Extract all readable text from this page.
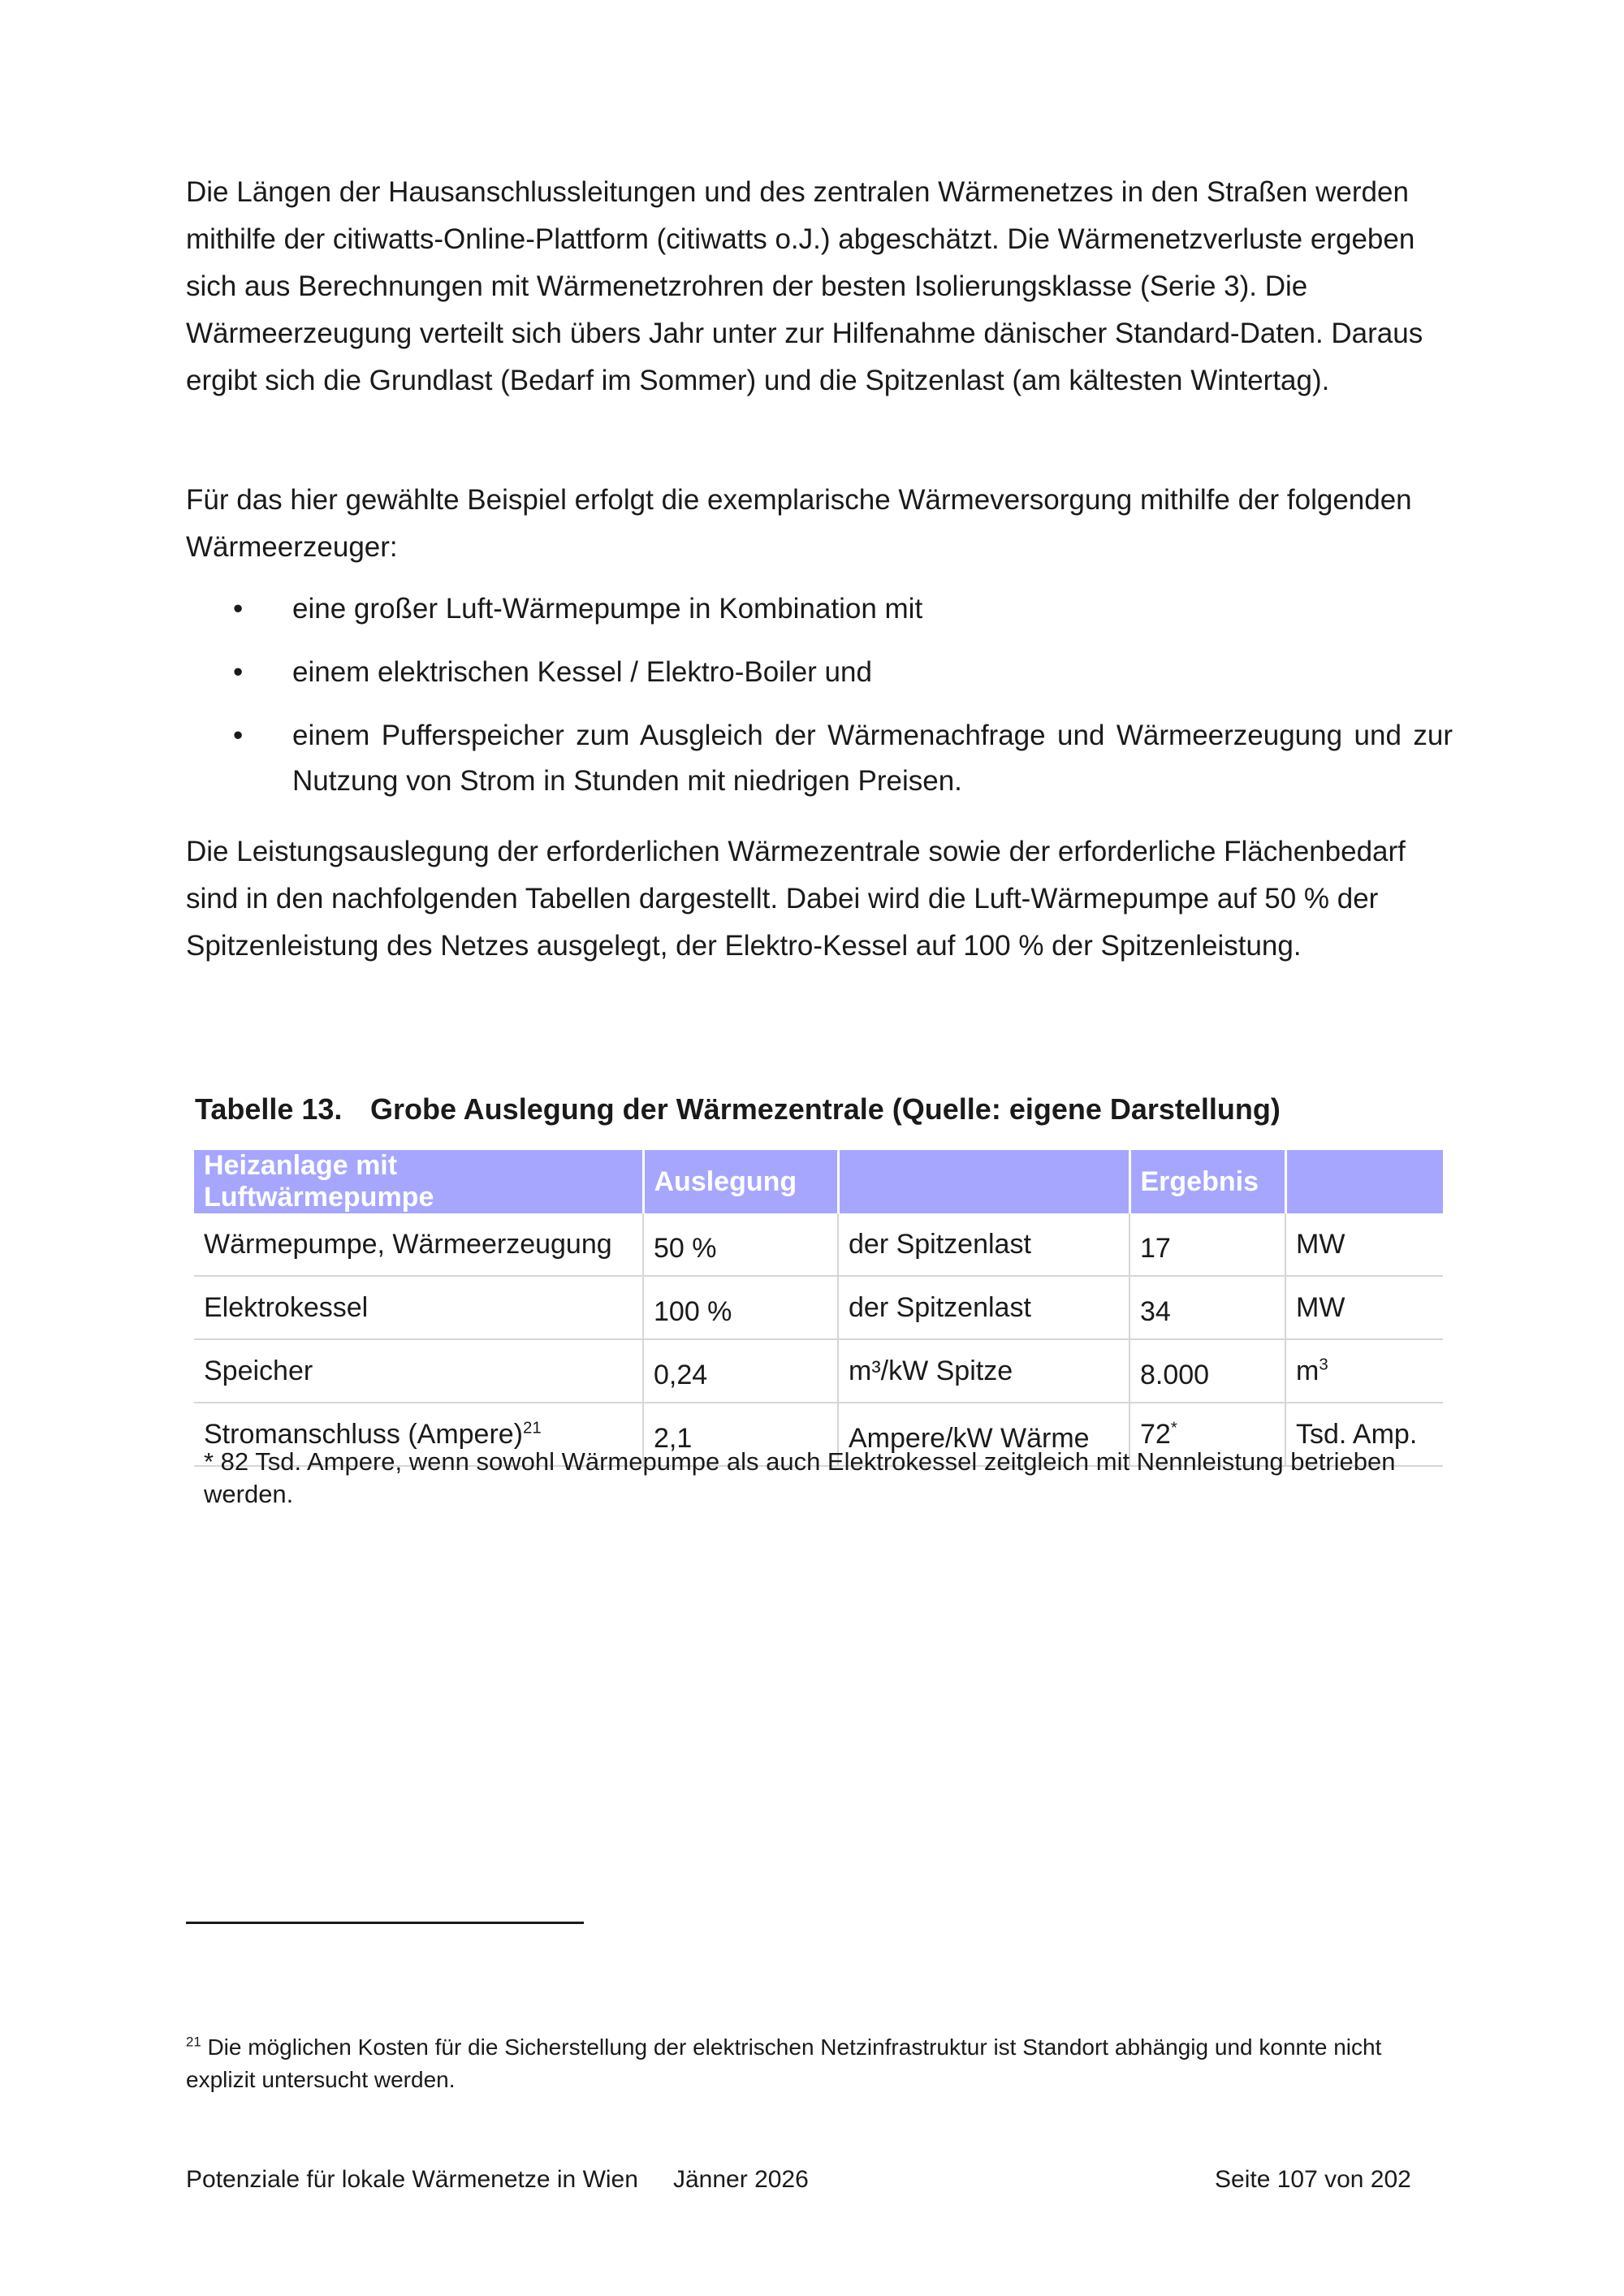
Die Längen der Hausanschlussleitungen und des zentralen Wärmenetzes in den Straßen werden mithilfe der citiwatts-Online-Plattform (citiwatts o.J.) abgeschätzt. Die Wärmenetzverluste ergeben sich aus Berechnungen mit Wärmenetzrohren der besten Isolierungsklasse (Serie 3). Die Wärmeerzeugung verteilt sich übers Jahr unter zur Hilfenahme dänischer Standard-Daten. Daraus ergibt sich die Grundlast (Bedarf im Sommer) und die Spitzenlast (am kältesten Wintertag).

Für das hier gewählte Beispiel erfolgt die exemplarische Wärmeversorgung mithilfe der folgenden Wärmeerzeuger:

• eine großer Luft-Wärmepumpe in Kombination mit
• einem elektrischen Kessel / Elektro-Boiler und
• einem Pufferspeicher zum Ausgleich der Wärmenachfrage und Wärmeerzeugung und zur Nutzung von Strom in Stunden mit niedrigen Preisen.

Die Leistungsauslegung der erforderlichen Wärmezentrale sowie der erforderliche Flächenbedarf sind in den nachfolgenden Tabellen dargestellt. Dabei wird die Luft-Wärmepumpe auf 50 % der Spitzenleistung des Netzes ausgelegt, der Elektro-Kessel auf 100 % der Spitzenleistung.

Tabelle 13. Grobe Auslegung der Wärmezentrale (Quelle: eigene Darstellung)

Heizanlage mit Luftwärmepumpe	Auslegung		Ergebnis	
Wärmepumpe, Wärmeerzeugung	50 %	der Spitzenlast	17	MW
Elektrokessel	100 %	der Spitzenlast	34	MW
Speicher	0,24	m³/kW Spitze	8.000	$m^3$
Stromanschluss (Ampere)$^{21}$	2,1	Ampere/kW Wärme	72*	Tsd. Amp.

* 82 Tsd. Ampere, wenn sowohl Wärmepumpe als auch Elektrokessel zeitgleich mit Nennleistung betrieben werden.

$^{21}$ Die möglichen Kosten für die Sicherstellung der elektrischen Netzinfrastruktur ist Standort abhängig und konnte nicht explizit untersucht werden.

Potenziale für lokale Wärmenetze in Wien Jänner 2026	Seite 107 von 202
